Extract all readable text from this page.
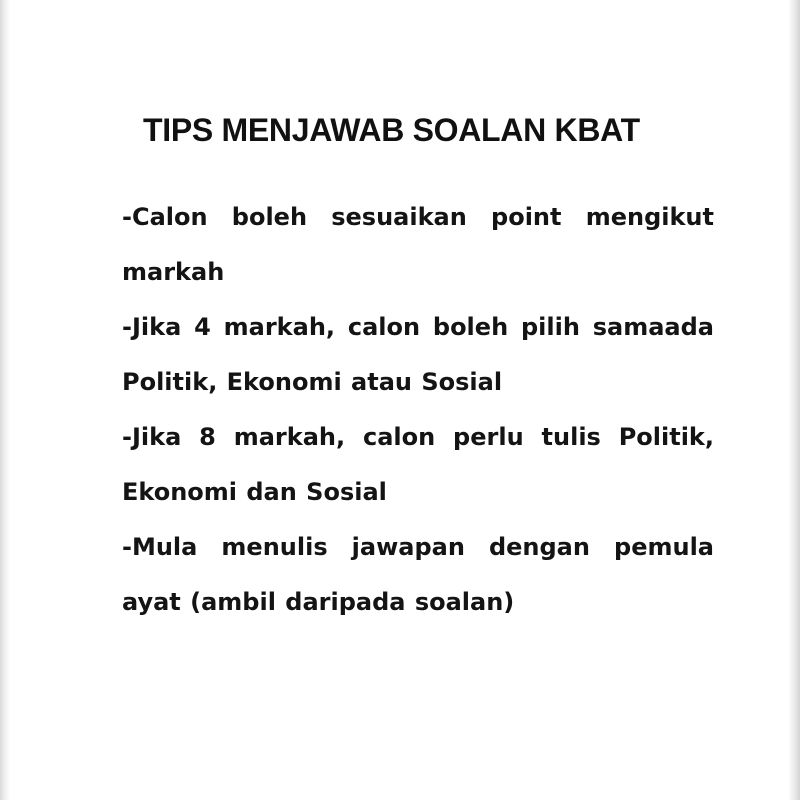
TIPS MENJAWAB SOALAN KBAT
-Calon boleh sesuaikan point mengikut markah
-Jika 4 markah, calon boleh pilih samaada Politik, Ekonomi atau Sosial
-Jika 8 markah, calon perlu tulis Politik, Ekonomi dan Sosial
-Mula menulis jawapan dengan pemula ayat (ambil daripada soalan)
